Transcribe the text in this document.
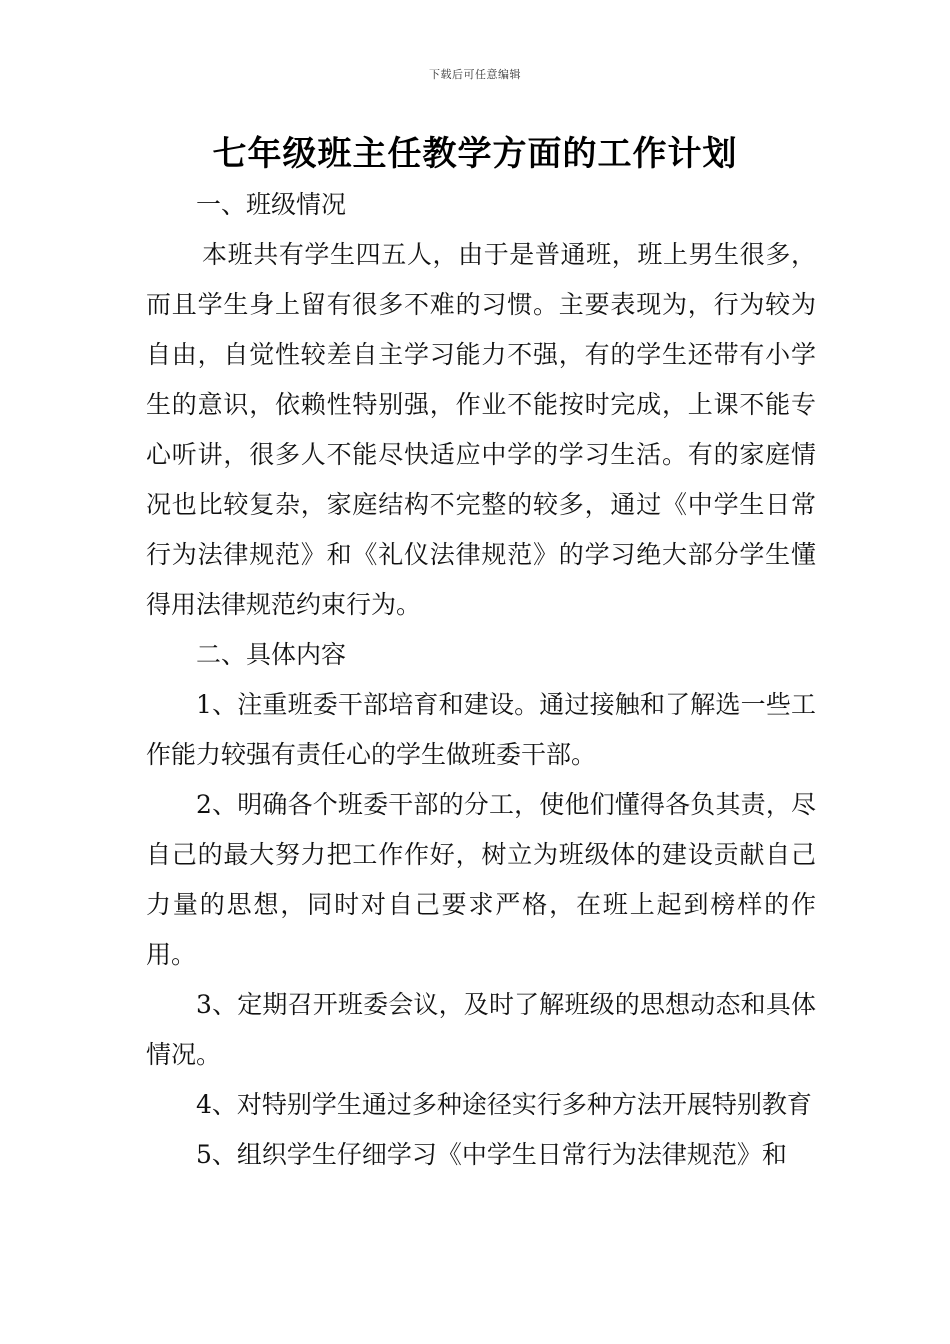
下载后可任意编辑
七年级班主任教学方面的工作计划

一、班级情况

本班共有学生四五人，由于是普通班，班上男生很多，而且学生身上留有很多不难的习惯。主要表现为，行为较为自由，自觉性较差自主学习能力不强，有的学生还带有小学生的意识，依赖性特别强，作业不能按时完成，上课不能专心听讲，很多人不能尽快适应中学的学习生活。有的家庭情况也比较复杂，家庭结构不完整的较多，通过《中学生日常行为法律规范》和《礼仪法律规范》的学习绝大部分学生懂得用法律规范约束行为。

二、具体内容

1、注重班委干部培育和建设。通过接触和了解选一些工作能力较强有责任心的学生做班委干部。

2、明确各个班委干部的分工，使他们懂得各负其责，尽自己的最大努力把工作作好，树立为班级体的建设贡献自己力量的思想，同时对自己要求严格，在班上起到榜样的作用。

3、定期召开班委会议，及时了解班级的思想动态和具体情况。

4、对特别学生通过多种途径实行多种方法开展特别教育

5、组织学生仔细学习《中学生日常行为法律规范》和
